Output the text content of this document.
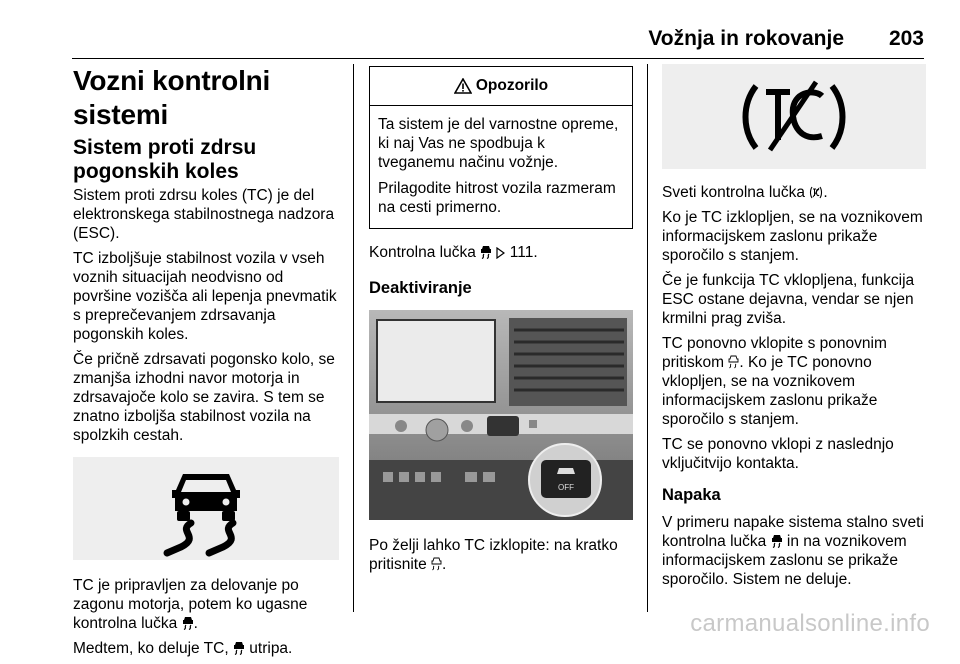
Vožnja in rokovanje 203
Vozni kontrolni sistemi
Sistem proti zdrsu pogonskih koles

Sistem proti zdrsu koles (TC) je del elektronskega stabilnostnega nadzora (ESC).

TC izboljšuje stabilnost vozila v vseh voznih situacijah neodvisno od površine vozišča ali lepenja pnevmatik s preprečevanjem zdrsavanja pogonskih koles.

Če pričně zdrsavati pogonsko kolo, se zmanjša izhodni navor motorja in zdrsavajoče kolo se zavira. S tem se znatno izboljša stabilnost vozila na spolzkih cestah.

TC je pripravljen za delovanje po zagonu motorja, potem ko ugasne kontrolna lučka .

Medtem, ko deluje TC, utripa.

Opozorilo

Ta sistem je del varnostne opreme, ki naj Vas ne spodbuja k tveganemu načinu vožnje.

Prilagodite hitrost vozila razmeram na cesti primerno.

Kontrolna lučka 111.

Deaktiviranje
OFF

Po želji lahko TC izklopite: na kratko pritisnite .

Sveti kontrolna lučka .

Ko je TC izklopljen, se na voznikovem informacijskem zaslonu prikaže sporočilo s stanjem.

Če je funkcija TC vklopljena, funkcija ESC ostane dejavna, vendar se njen krmilni prag zviša.

TC ponovno vklopite s ponovnim pritiskom . Ko je TC ponovno vklopljen, se na voznikovem informacijskem zaslonu prikaže sporočilo s stanjem.

TC se ponovno vklopi z naslednjo vključitvijo kontakta.

Napaka

V primeru napake sistema stalno sveti kontrolna lučka in na voznikovem informacijskem zaslonu se prikaže sporočilo. Sistem ne deluje.

carmanualsonline.info
